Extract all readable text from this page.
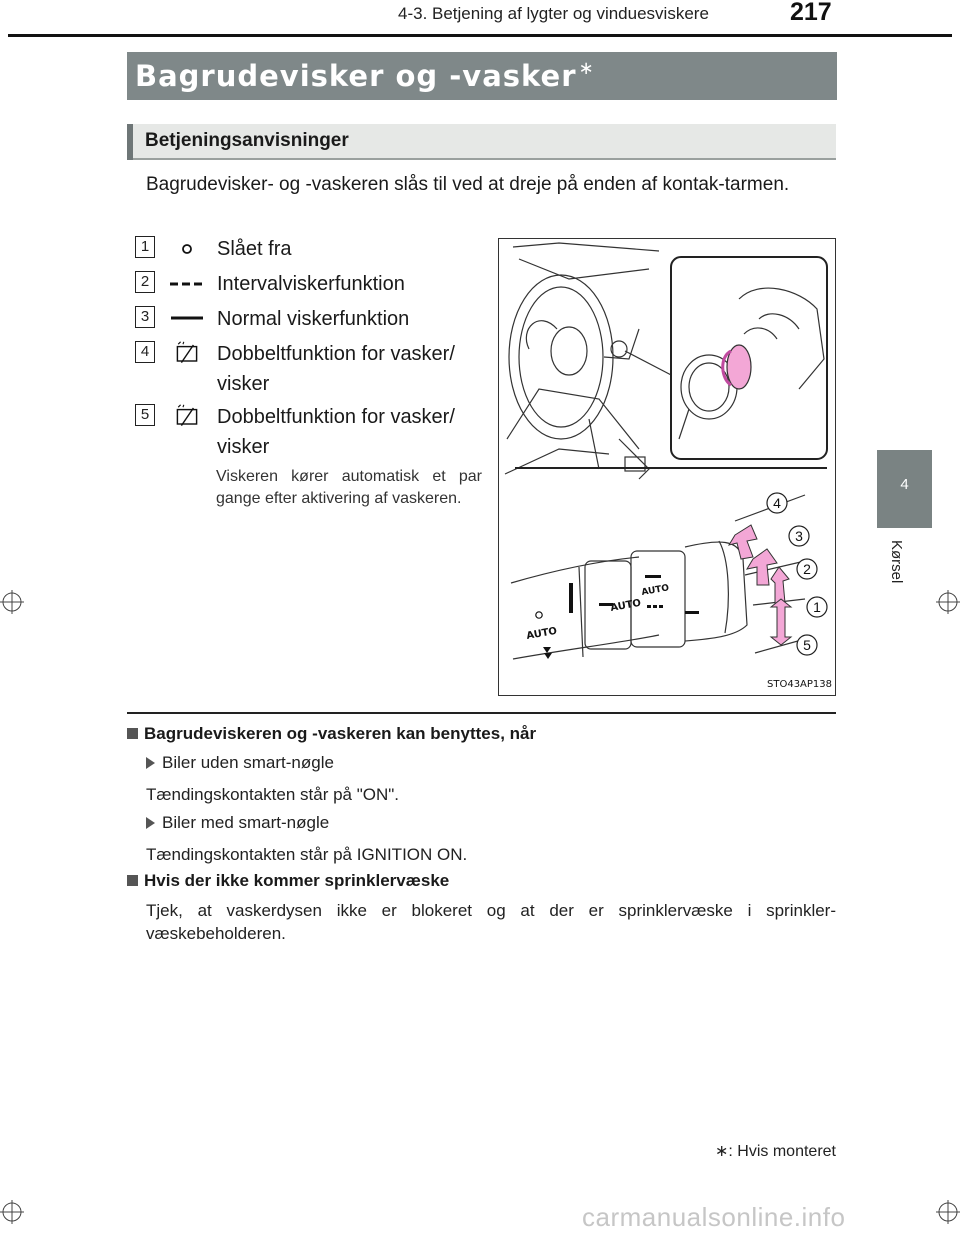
4-3. Betjening af lygter og vinduesviskere	217
Bagrudevisker og -vasker ∗
Betjeningsanvisninger
Bagrudevisker- og -vaskeren slås til ved at dreje på enden af kontak-tarmen.
1	Slået fra
2	Intervalviskerfunktion
3	Normal viskerfunktion
4	Dobbeltfunktion for vasker/ visker
5	Dobbeltfunktion for vasker/ visker
Viskeren kører automatisk et par gange efter aktivering af vaskeren.
AUTO
AUTO
AUTO
4
3
2
1
5
STO43AP138
Bagrudeviskeren og -vaskeren kan benyttes, når
Biler uden smart-nøgle
Tændingskontakten står på "ON".
Biler med smart-nøgle
Tændingskontakten står på IGNITION ON.
Hvis der ikke kommer sprinklervæske
Tjek, at vaskerdysen ikke er blokeret og at der er sprinklervæske i sprinkler-væskebeholderen.
∗: Hvis monteret
4
Kørsel
carmanualsonline.info
